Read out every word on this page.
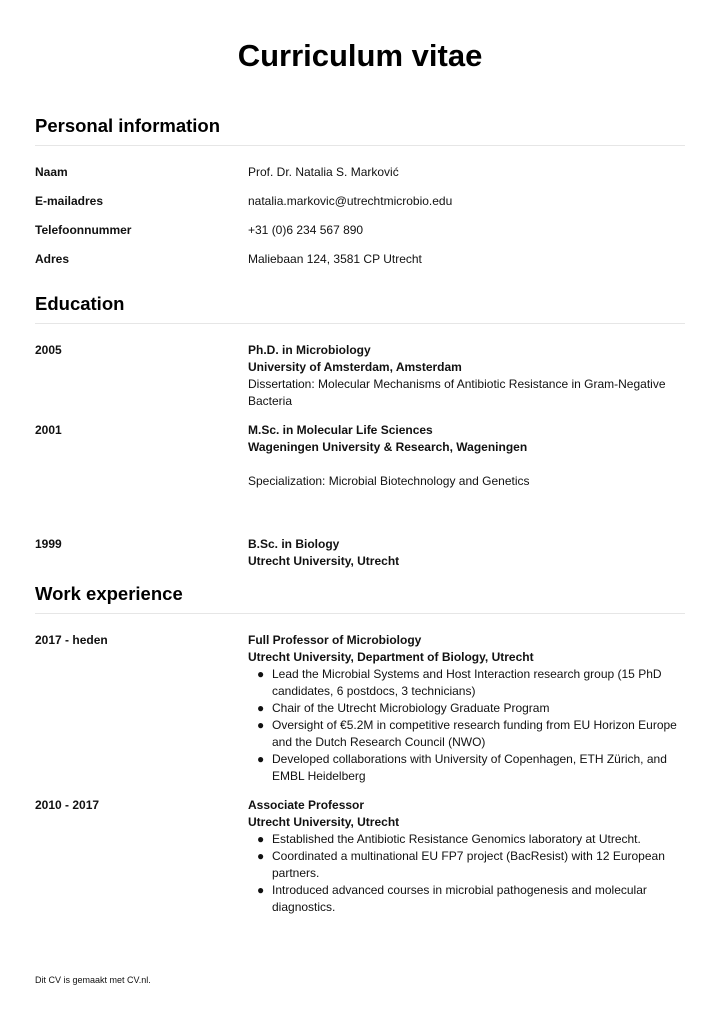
Curriculum vitae
Personal information
Naam	Prof. Dr. Natalia S. Marković
E-mailadres	natalia.markovic@utrechtmicrobio.edu
Telefoonnummer	+31 (0)6 234 567 890
Adres	Maliebaan 124, 3581 CP Utrecht
Education
2005	Ph.D. in Microbiology
University of Amsterdam, Amsterdam
Dissertation: Molecular Mechanisms of Antibiotic Resistance in Gram-Negative Bacteria
2001	M.Sc. in Molecular Life Sciences
Wageningen University & Research, Wageningen
Specialization: Microbial Biotechnology and Genetics
1999	B.Sc. in Biology
Utrecht University, Utrecht
Work experience
2017 - heden	Full Professor of Microbiology
Utrecht University, Department of Biology, Utrecht
● Lead the Microbial Systems and Host Interaction research group (15 PhD candidates, 6 postdocs, 3 technicians)
● Chair of the Utrecht Microbiology Graduate Program
● Oversight of €5.2M in competitive research funding from EU Horizon Europe and the Dutch Research Council (NWO)
● Developed collaborations with University of Copenhagen, ETH Zürich, and EMBL Heidelberg
2010 - 2017	Associate Professor
Utrecht University, Utrecht
● Established the Antibiotic Resistance Genomics laboratory at Utrecht.
● Coordinated a multinational EU FP7 project (BacResist) with 12 European partners.
● Introduced advanced courses in microbial pathogenesis and molecular diagnostics.
Dit CV is gemaakt met CV.nl.
